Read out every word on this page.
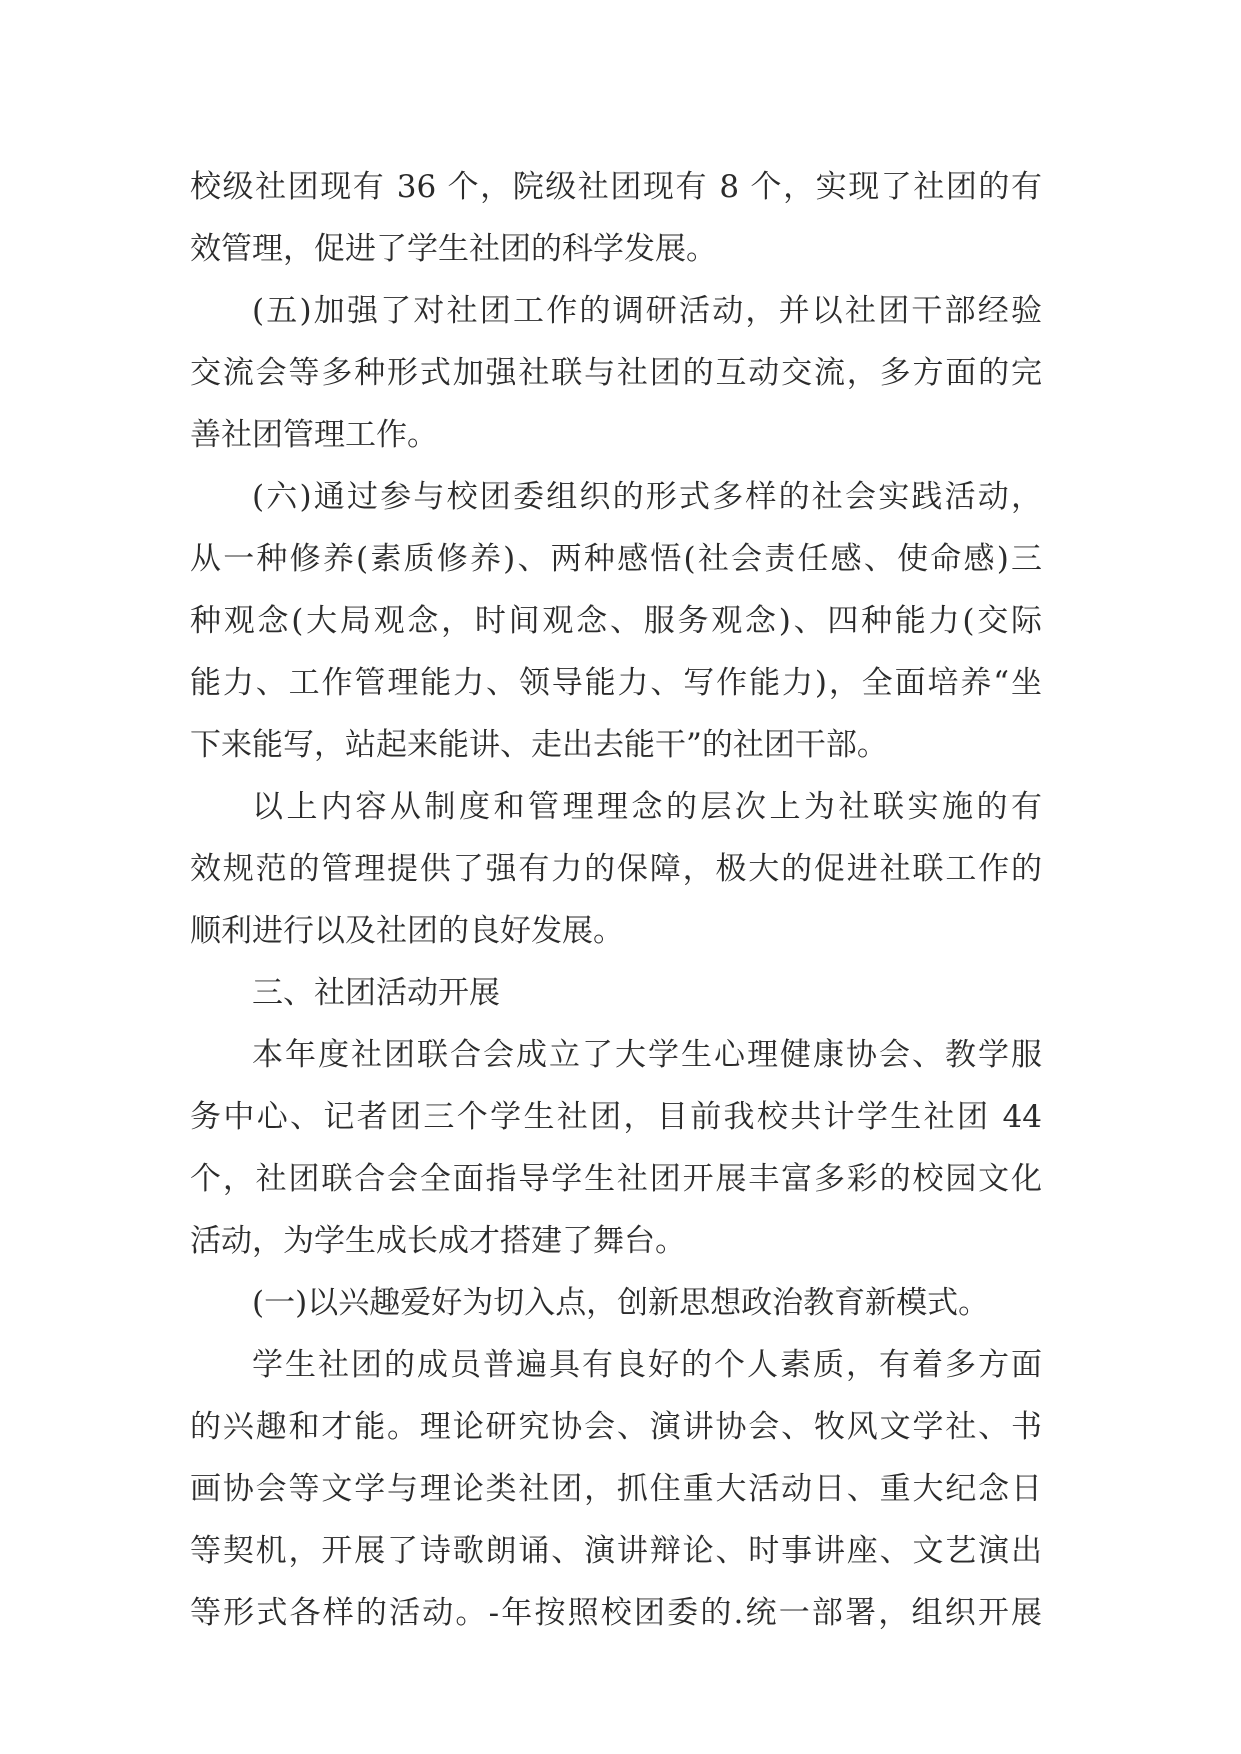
校级社团现有 36 个，院级社团现有 8 个，实现了社团的有
效管理，促进了学生社团的科学发展。
(五)加强了对社团工作的调研活动，并以社团干部经验
交流会等多种形式加强社联与社团的互动交流，多方面的完
善社团管理工作。
(六)通过参与校团委组织的形式多样的社会实践活动，
从一种修养(素质修养)、两种感悟(社会责任感、使命感)三
种观念(大局观念，时间观念、服务观念)、四种能力(交际
能力、工作管理能力、领导能力、写作能力)，全面培养“坐
下来能写，站起来能讲、走出去能干”的社团干部。
以上内容从制度和管理理念的层次上为社联实施的有
效规范的管理提供了强有力的保障，极大的促进社联工作的
顺利进行以及社团的良好发展。
三、社团活动开展
本年度社团联合会成立了大学生心理健康协会、教学服
务中心、记者团三个学生社团，目前我校共计学生社团 44
个，社团联合会全面指导学生社团开展丰富多彩的校园文化
活动，为学生成长成才搭建了舞台。
(一)以兴趣爱好为切入点，创新思想政治教育新模式。
学生社团的成员普遍具有良好的个人素质，有着多方面
的兴趣和才能。理论研究协会、演讲协会、牧风文学社、书
画协会等文学与理论类社团，抓住重大活动日、重大纪念日
等契机，开展了诗歌朗诵、演讲辩论、时事讲座、文艺演出
等形式各样的活动。-年按照校团委的.统一部署，组织开展
